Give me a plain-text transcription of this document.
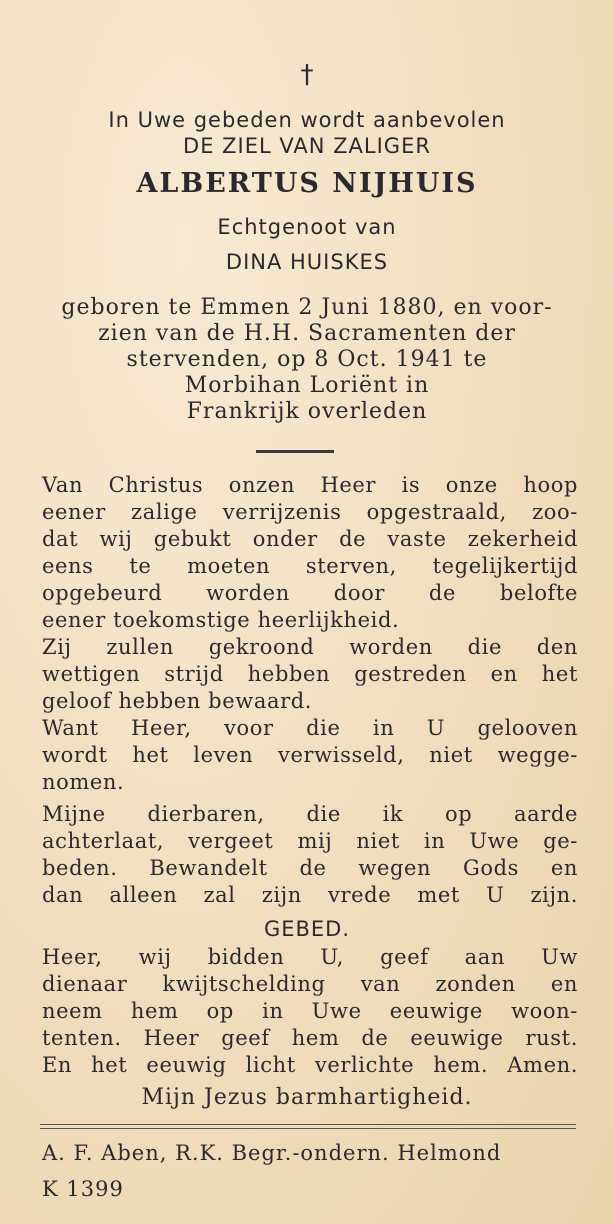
†
In Uwe gebeden wordt aanbevolen
DE ZIEL VAN ZALIGER
ALBERTUS NIJHUIS
Echtgenoot van
DINA HUISKES
geboren te Emmen 2 Juni 1880, en voor-
zien van de H.H. Sacramenten der
stervenden, op 8 Oct. 1941 te
Morbihan Loriënt in
Frankrijk overleden
Van Christus onzen Heer is onze hoop
eener zalige verrijzenis opgestraald, zoo-
dat wij gebukt onder de vaste zekerheid
eens te moeten sterven, tegelijkertijd
opgebeurd worden door de belofte
eener toekomstige heerlijkheid.
Zij zullen gekroond worden die den
wettigen strijd hebben gestreden en het
geloof hebben bewaard.
Want Heer, voor die in U gelooven
wordt het leven verwisseld, niet wegge-
nomen.
Mijne dierbaren, die ik op aarde
achterlaat, vergeet mij niet in Uwe ge-
beden. Bewandelt de wegen Gods en
dan alleen zal zijn vrede met U zijn.
GEBED.
Heer, wij bidden U, geef aan Uw
dienaar kwijtschelding van zonden en
neem hem op in Uwe eeuwige woon-
tenten. Heer geef hem de eeuwige rust.
En het eeuwig licht verlichte hem. Amen.
Mijn Jezus barmhartigheid.
A. F. Aben, R.K. Begr.-ondern. Helmond
K 1399
